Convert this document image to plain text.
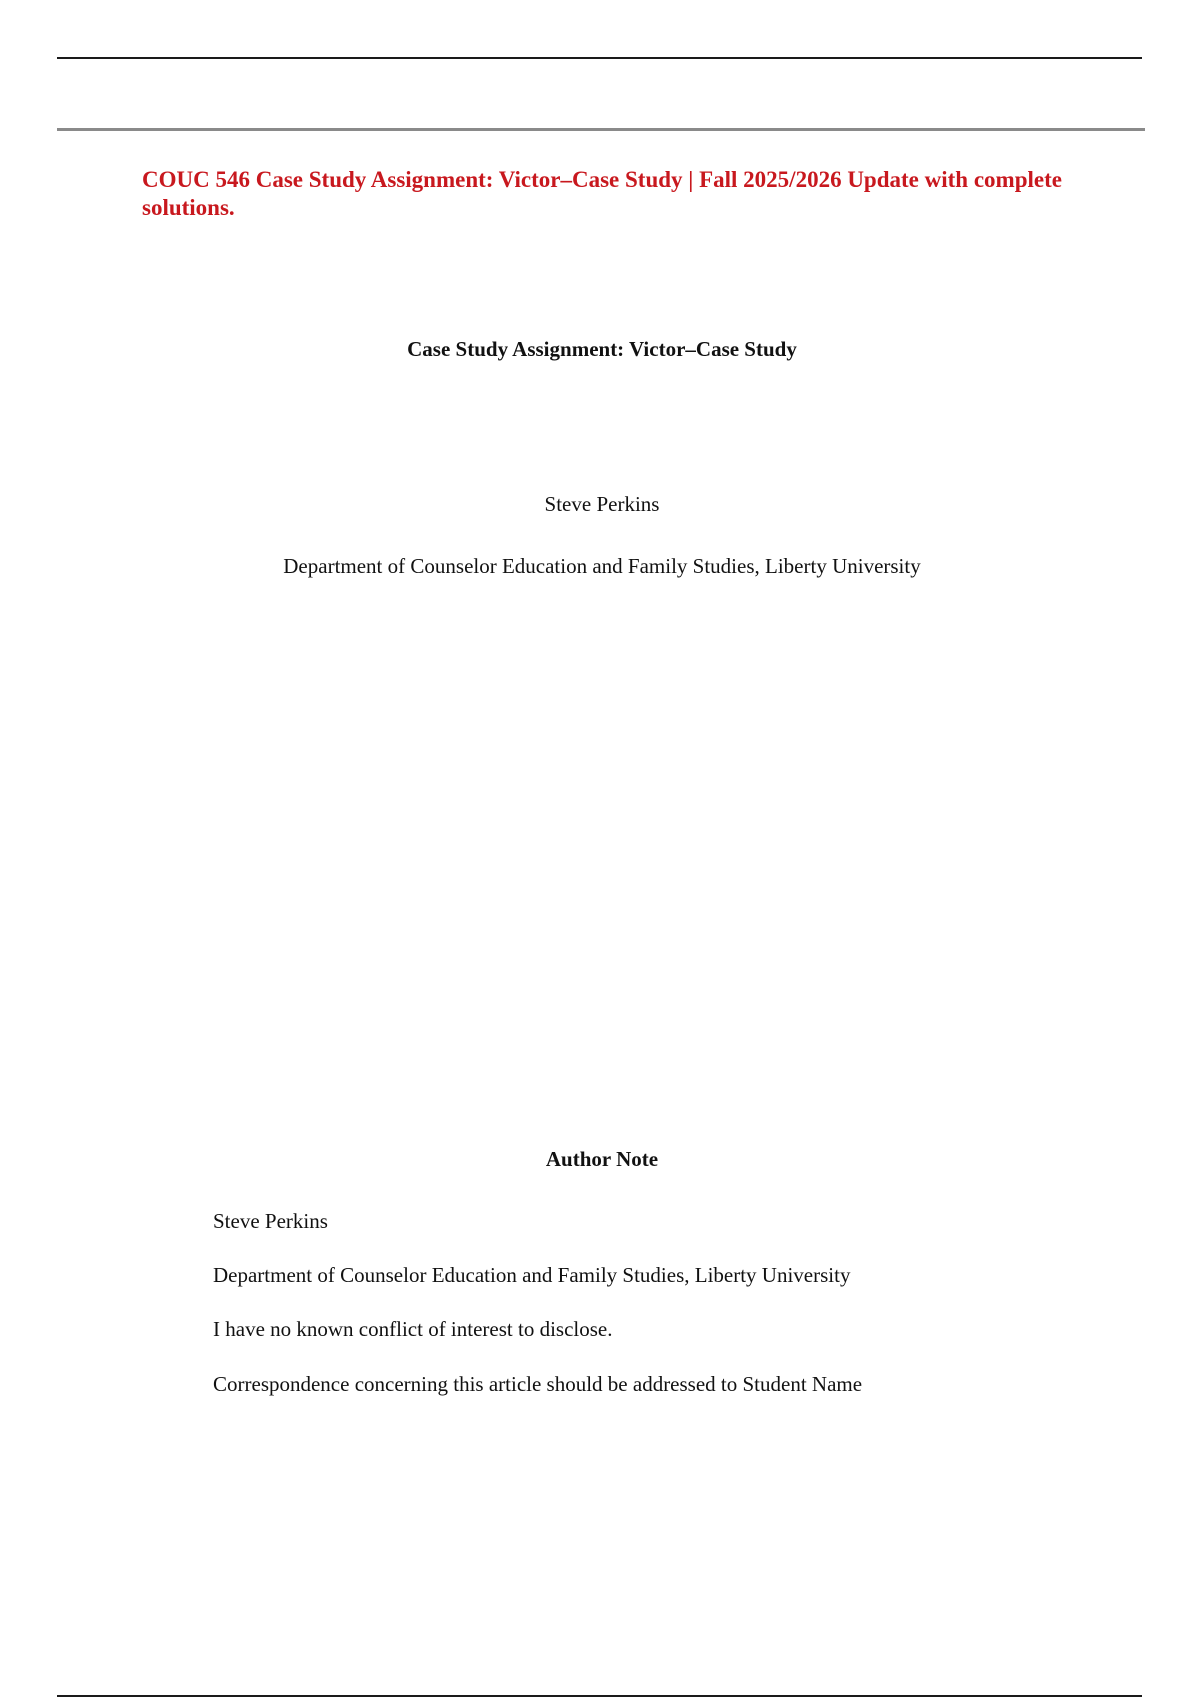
COUC 546 Case Study Assignment: Victor–Case Study | Fall 2025/2026 Update with complete solutions.
Case Study Assignment: Victor–Case Study

Steve Perkins

Department of Counselor Education and Family Studies, Liberty University

Author Note

Steve Perkins

Department of Counselor Education and Family Studies, Liberty University

I have no known conflict of interest to disclose.

Correspondence concerning this article should be addressed to Student Name
